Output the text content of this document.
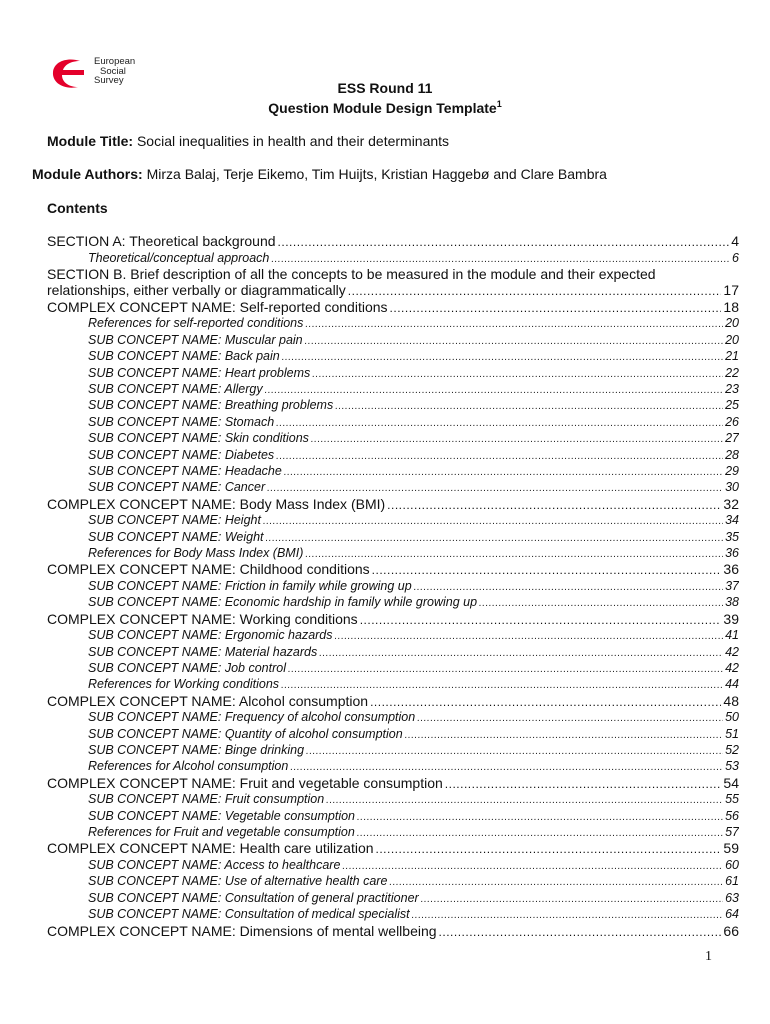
European
Social
Survey	ESS Round 11
Question Module Design Template$^1$
Module Title: Social inequalities in health and their determinants
Module Authors: Mirza Balaj, Terje Eikemo, Tim Huijts, Kristian Haggebø and Clare Bambra
Contents
SECTION A: Theoretical background .....	4
Theoretical/conceptual approach .....	6
SECTION B. Brief description of all the concepts to be measured in the module and their expected
relationships, either verbally or diagrammatically .....	17
COMPLEX CONCEPT NAME: Self-reported conditions .....	18
References for self-reported conditions .....	20
SUB CONCEPT NAME: Muscular pain .....	20
SUB CONCEPT NAME: Back pain .....	21
SUB CONCEPT NAME: Heart problems .....	22
SUB CONCEPT NAME: Allergy .....	23
SUB CONCEPT NAME: Breathing problems .....	25
SUB CONCEPT NAME: Stomach .....	26
SUB CONCEPT NAME: Skin conditions .....	27
SUB CONCEPT NAME: Diabetes .....	28
SUB CONCEPT NAME: Headache .....	29
SUB CONCEPT NAME: Cancer .....	30
COMPLEX CONCEPT NAME: Body Mass Index (BMI) .....	32
SUB CONCEPT NAME: Height .....	34
SUB CONCEPT NAME: Weight .....	35
References for Body Mass Index (BMI) .....	36
COMPLEX CONCEPT NAME: Childhood conditions .....	36
SUB CONCEPT NAME: Friction in family while growing up .....	37
SUB CONCEPT NAME: Economic hardship in family while growing up .....	38
COMPLEX CONCEPT NAME: Working conditions .....	39
SUB CONCEPT NAME: Ergonomic hazards .....	41
SUB CONCEPT NAME: Material hazards .....	42
SUB CONCEPT NAME: Job control .....	42
References for Working conditions .....	44
COMPLEX CONCEPT NAME: Alcohol consumption .....	48
SUB CONCEPT NAME: Frequency of alcohol consumption .....	50
SUB CONCEPT NAME: Quantity of alcohol consumption .....	51
SUB CONCEPT NAME: Binge drinking .....	52
References for Alcohol consumption .....	53
COMPLEX CONCEPT NAME: Fruit and vegetable consumption .....	54
SUB CONCEPT NAME: Fruit consumption .....	55
SUB CONCEPT NAME: Vegetable consumption .....	56
References for Fruit and vegetable consumption .....	57
COMPLEX CONCEPT NAME: Health care utilization .....	59
SUB CONCEPT NAME: Access to healthcare .....	60
SUB CONCEPT NAME: Use of alternative health care .....	61
SUB CONCEPT NAME: Consultation of general practitioner .....	63
SUB CONCEPT NAME: Consultation of medical specialist .....	64
COMPLEX CONCEPT NAME: Dimensions of mental wellbeing .....	66
1
